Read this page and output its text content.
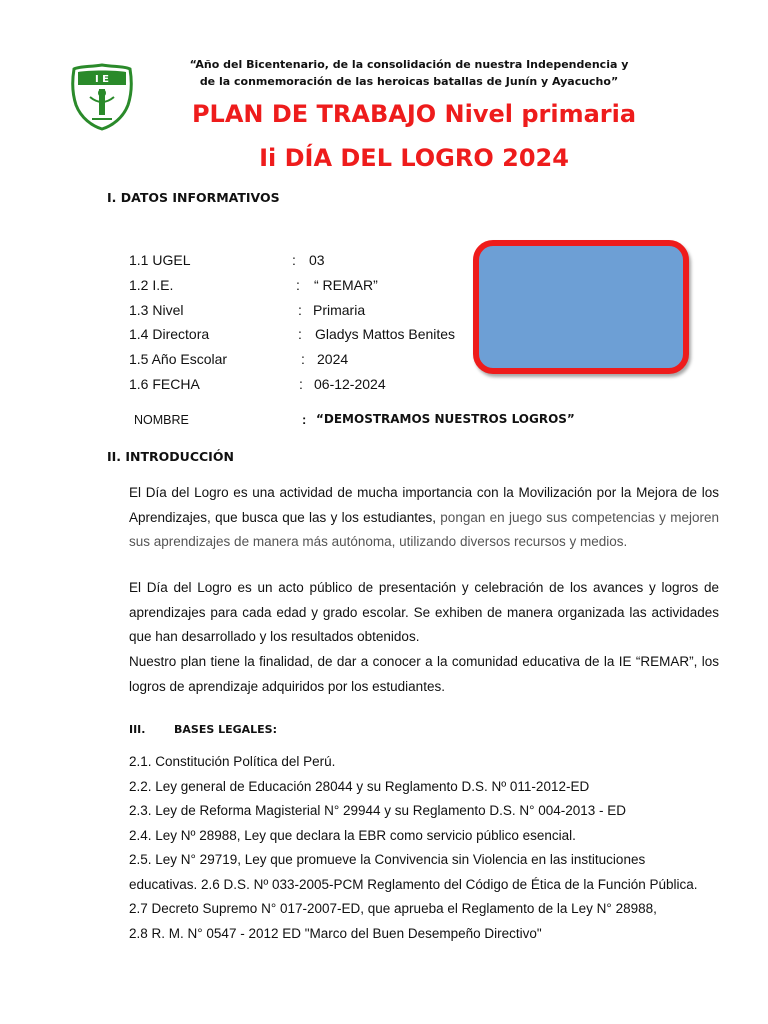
I E
“Año del Bicentenario, de la consolidación de nuestra Independencia y
de la conmemoración de las heroicas batallas de Junín y Ayacucho”
PLAN DE TRABAJO Nivel primaria
Ii DÍA DEL LOGRO 2024
I. DATOS INFORMATIVOS
1.1 UGEL	: 03
1.2 I.E.	: “ REMAR”
1.3 Nivel	: Primaria
1.4 Directora	: Gladys Mattos Benites
1.5 Año Escolar	: 2024
1.6 FECHA	: 06-12-2024
NOMBRE	: “DEMOSTRAMOS NUESTROS LOGROS”
II. INTRODUCCIÓN
El Día del Logro es una actividad de mucha importancia con la Movilización por la Mejora de los Aprendizajes, que busca que las y los estudiantes, pongan en juego sus competencias y mejoren sus aprendizajes de manera más autónoma, utilizando diversos recursos y medios.
El Día del Logro es un acto público de presentación y celebración de los avances y logros de aprendizajes para cada edad y grado escolar. Se exhiben de manera organizada las actividades que han desarrollado y los resultados obtenidos.
Nuestro plan tiene la finalidad, de dar a conocer a la comunidad educativa de la IE “REMAR”, los logros de aprendizaje adquiridos por los estudiantes.
III.	BASES LEGALES:
2.1. Constitución Política del Perú.
2.2. Ley general de Educación 28044 y su Reglamento D.S. Nº 011-2012-ED
2.3. Ley de Reforma Magisterial N° 29944 y su Reglamento D.S. N° 004-2013 - ED
2.4. Ley Nº 28988, Ley que declara la EBR como servicio público esencial.
2.5. Ley N° 29719, Ley que promueve la Convivencia sin Violencia en las instituciones educativas. 2.6 D.S. Nº 033-2005-PCM Reglamento del Código de Ética de la Función Pública.
2.7 Decreto Supremo N° 017-2007-ED, que aprueba el Reglamento de la Ley N° 28988,
2.8 R. M. N° 0547 - 2012 ED "Marco del Buen Desempeño Directivo"
